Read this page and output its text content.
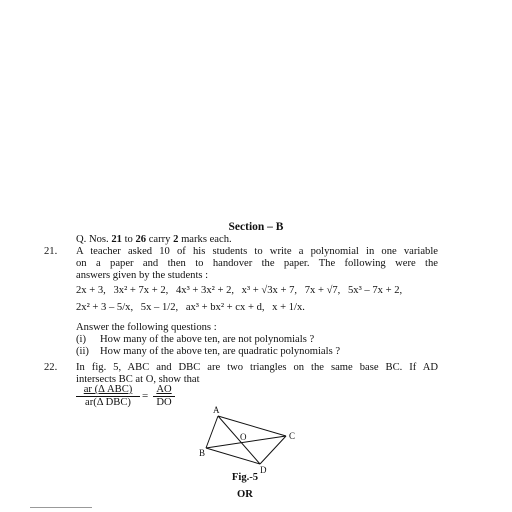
Section – B
Q. Nos. 21 to 26 carry 2 marks each.
21. A teacher asked 10 of his students to write a polynomial in one variable
on a paper and then to handover the paper. The following were the
answers given by the students :
2x + 3, 3x² + 7x + 2, 4x³ + 3x² + 2, x³ + √3x + 7, 7x + √7, 5x³ – 7x + 2,
2x² + 3 – 5/x, 5x – 1/2, ax³ + bx² + cx + d, x + 1/x.
Answer the following questions :
(i) How many of the above ten, are not polynomials ?
(ii) How many of the above ten, are quadratic polynomials ?
22. In fig. 5, ABC and DBC are two triangles on the same base BC. If AD
intersects BC at O, show that
ar (Δ ABC)
ar(Δ DBC)
= $\frac{AO}{DO}$
A
B
C
D
O
Fig.-5
OR
